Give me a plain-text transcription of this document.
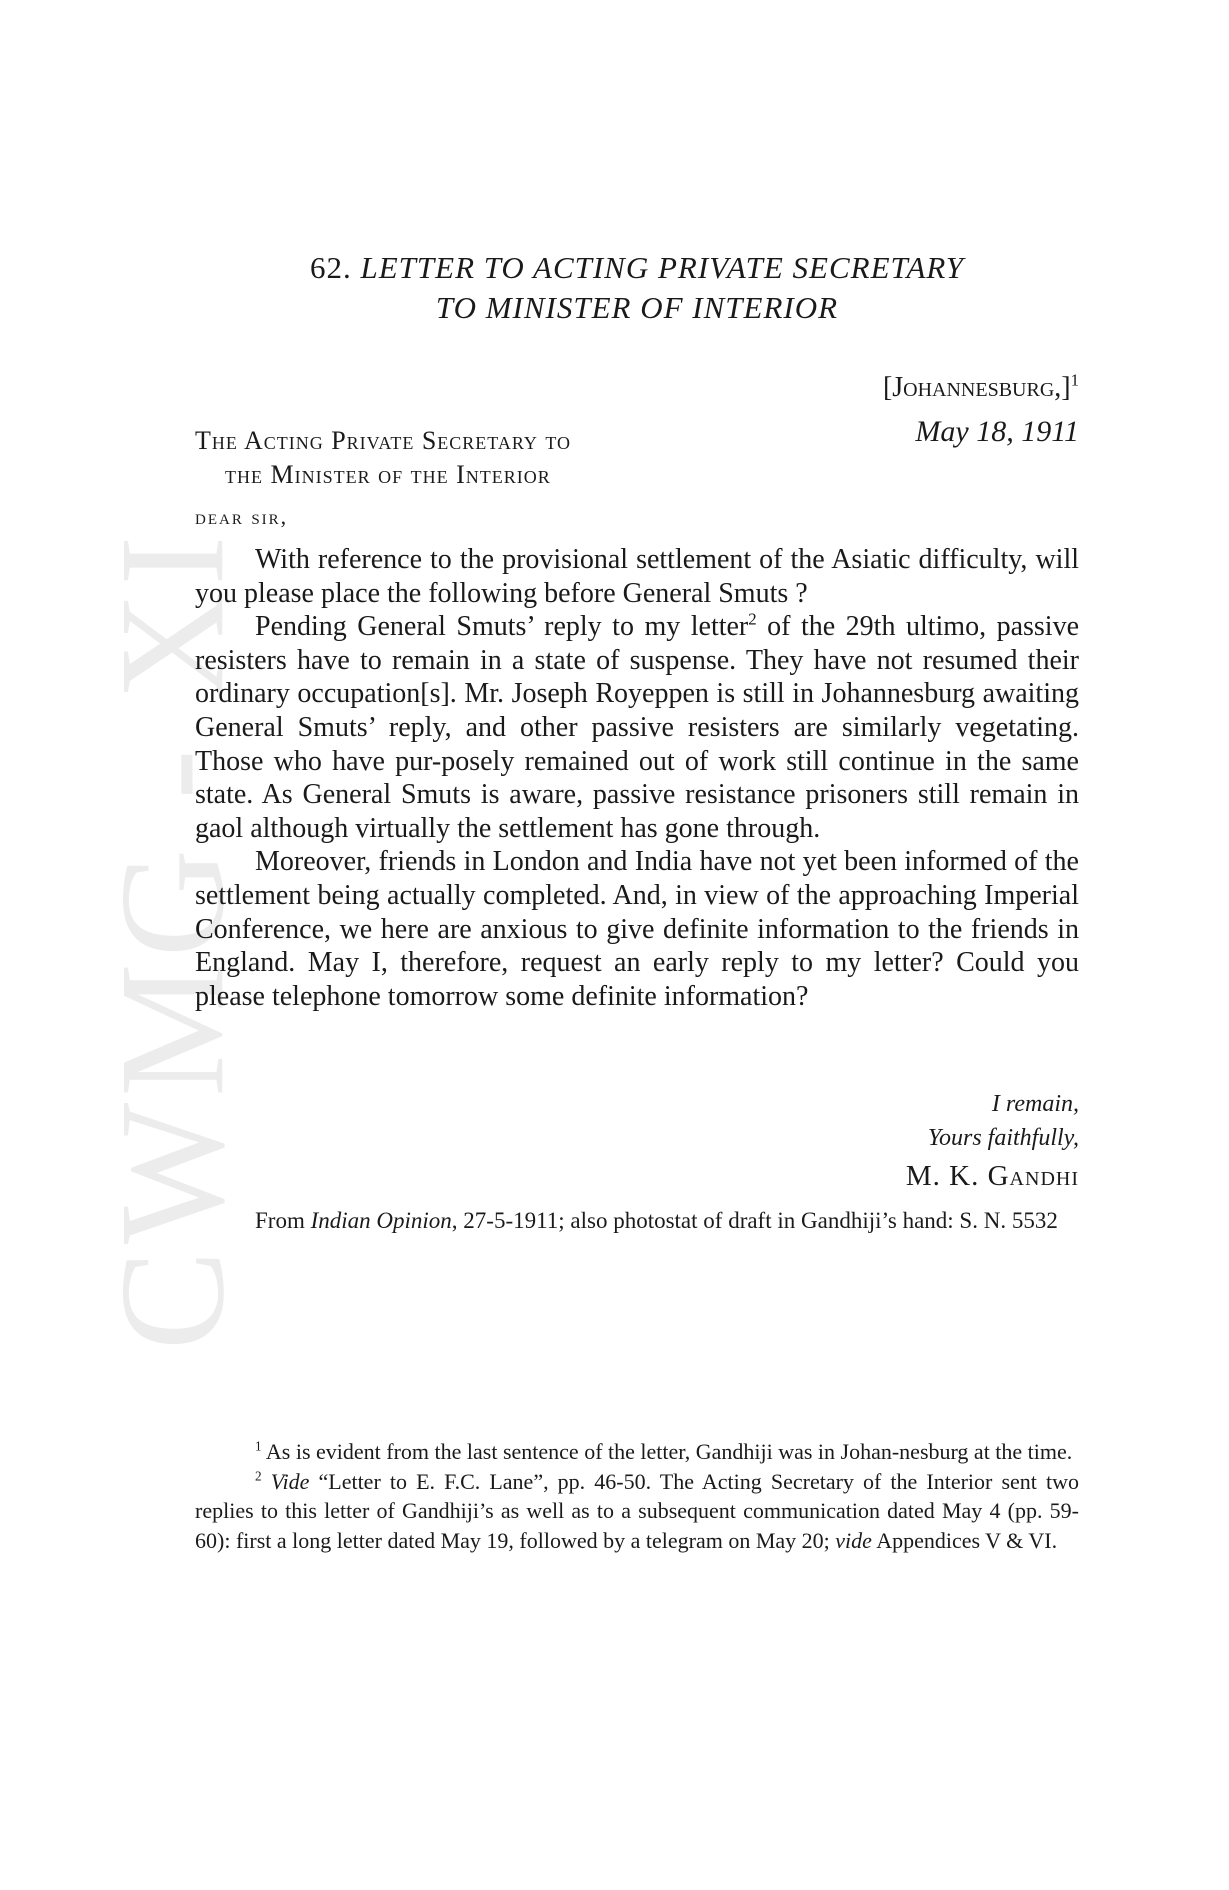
CWMG - XI
62. LETTER TO ACTING PRIVATE SECRETARY
TO MINISTER OF INTERIOR
[Johannesburg,]$^1$
May 18, 1911
The Acting Private Secretary to
the Minister of the Interior
dear sir,

With reference to the provisional settlement of the Asiatic difficulty, will you please place the following before General Smuts ?

Pending General Smuts’ reply to my letter$^2$ of the 29th ultimo, passive resisters have to remain in a state of suspense. They have not resumed their ordinary occupation[s]. Mr. Joseph Royeppen is still in Johannesburg awaiting General Smuts’ reply, and other passive resisters are similarly vegetating. Those who have pur-posely remained out of work still continue in the same state. As General Smuts is aware, passive resistance prisoners still remain in gaol although virtually the settlement has gone through.

Moreover, friends in London and India have not yet been informed of the settlement being actually completed. And, in view of the approaching Imperial Conference, we here are anxious to give definite information to the friends in England. May I, therefore, request an early reply to my letter? Could you please telephone tomorrow some definite information?

I remain,
Yours faithfully,
M. K. Gandhi

From Indian Opinion, 27-5-1911; also photostat of draft in Gandhiji’s hand: S. N. 5532

$^1$ As is evident from the last sentence of the letter, Gandhiji was in Johan-nesburg at the time.

$^2$ Vide “Letter to E. F.C. Lane”, pp. 46-50. The Acting Secretary of the Interior sent two replies to this letter of Gandhiji’s as well as to a subsequent communication dated May 4 (pp. 59-60): first a long letter dated May 19, followed by a telegram on May 20; vide Appendices V & VI.
